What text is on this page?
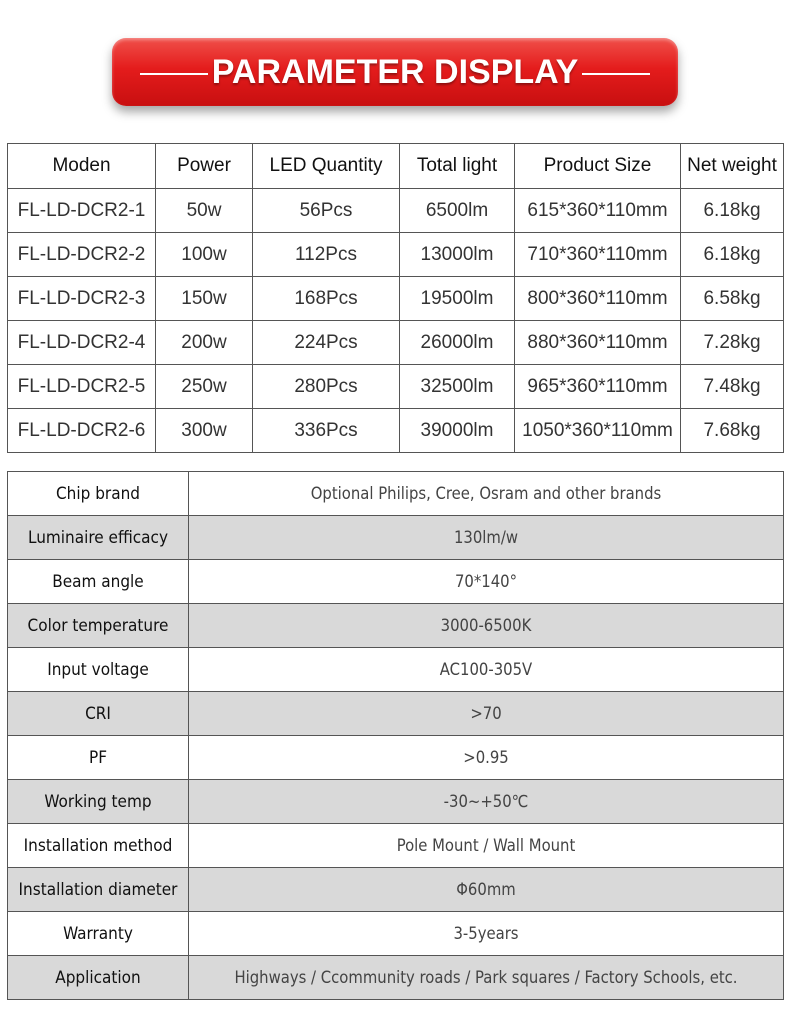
PARAMETER DISPLAY
Moden	Power	LED Quantity	Total light	Product Size	Net weight
FL-LD-DCR2-1	50w	56Pcs	6500lm	615*360*110mm	6.18kg
FL-LD-DCR2-2	100w	112Pcs	13000lm	710*360*110mm	6.18kg
FL-LD-DCR2-3	150w	168Pcs	19500lm	800*360*110mm	6.58kg
FL-LD-DCR2-4	200w	224Pcs	26000lm	880*360*110mm	7.28kg
FL-LD-DCR2-5	250w	280Pcs	32500lm	965*360*110mm	7.48kg
FL-LD-DCR2-6	300w	336Pcs	39000lm	1050*360*110mm	7.68kg
Chip brand	Optional Philips, Cree, Osram and other brands
Luminaire efficacy	130lm/w
Beam angle	70*140°
Color temperature	3000-6500K
Input voltage	AC100-305V
CRI	>70
PF	>0.95
Working temp	-30~+50℃
Installation method	Pole Mount / Wall Mount
Installation diameter	Φ60mm
Warranty	3-5years
Application	Highways / Ccommunity roads / Park squares / Factory Schools, etc.
